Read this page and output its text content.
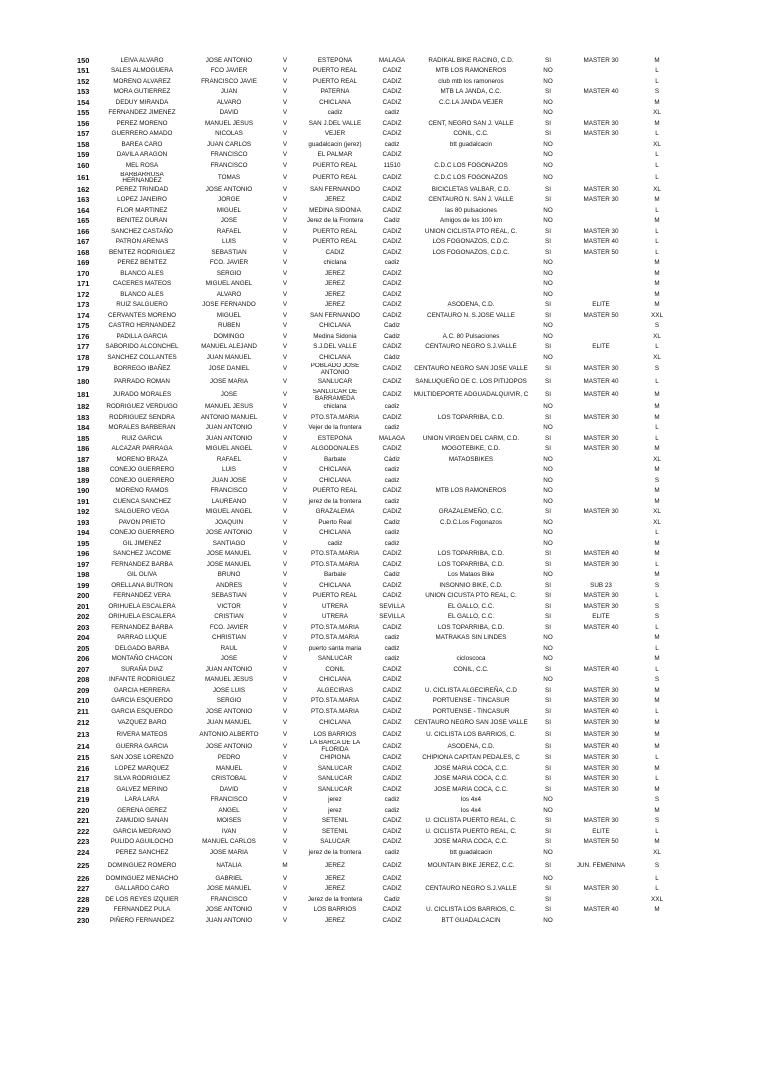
150	LEIVA ALVARO	JOSE ANTONIO	V	ESTEPONA	MALAGA	RADIKAL BIKE RACING, C.D.	SI	MASTER 30	M
151	SALES ALMOGUERA	FCO JAVIER	V	PUERTO REAL	CADIZ	MTB LOS RAMONEROS	NO		L
152	MORENO ALVAREZ	FRANCISCO JAVIE	V	PUERTO REAL	CADIZ	club mtb los ramoneros	NO		L
153	MORA GUTIERREZ	JUAN	V	PATERNA	CADIZ	MTB LA JANDA, C.C.	SI	MASTER 40	S
154	DEDUY MIRANDA	ALVARO	V	CHICLANA	CADIZ	C.C.LA JANDA VEJER	NO		M
155	FERNANDEZ JIMENEZ	DAVID	V	cadiz	cadiz		NO		XL
156	PEREZ MORENO	MANUEL JESUS	V	SAN J.DEL VALLE	CADIZ	CENT, NEGRO SAN J. VALLE	SI	MASTER 30	M
157	GUERRERO AMADO	NICOLAS	V	VEJER	CADIZ	CONIL, C.C.	SI	MASTER 30	L
158	BAREA CARO	JUAN CARLOS	V	guadalcacin (jerez)	cadiz	btt guadalcacin	NO		XL
159	DAVILA ARAGON	FRANCISCO	V	EL PALMAR	CADIZ		NO		L
160	MEL ROSA	FRANCISCO	V	PUERTO REAL	11510	C.D.C LOS FOGONAZOS	NO		L
161	BARBARRUSA HERNANDEZ	TOMAS	V	PUERTO REAL	CADIZ	C.D.C LOS FOGONAZOS	NO		L
162	PEREZ TRINIDAD	JOSE ANTONIO	V	SAN FERNANDO	CADIZ	BICICLETAS VALBAR, C.D.	SI	MASTER 30	XL
163	LOPEZ JANEIRO	JORGE	V	JEREZ	CADIZ	CENTAURO N. SAN J. VALLE	SI	MASTER 30	M
164	FLOR MARTINEZ	MIGUEL	V	MEDINA SIDONIA	CADIZ	las 80 pulsaciones	NO		L
165	BENITEZ DURAN	JOSE	V	Jerez de la Frontera	Cadiz	Amigos de los 100 km	NO		M
166	SANCHEZ CASTAÑO	RAFAEL	V	PUERTO REAL	CADIZ	UNION CICLISTA PTO REAL, C.	SI	MASTER 30	L
167	PATRON ARENAS	LUIS	V	PUERTO REAL	CADIZ	LOS FOGONAZOS, C.D.C.	SI	MASTER 40	L
168	BENITEZ RODRIGUEZ	SEBASTIAN	V	CADIZ	CADIZ	LOS FOGONAZOS, C.D.C.	SI	MASTER 50	L
169	PEREZ BENITEZ	FCO. JAVIER	V	chiclana	cadiz		NO		M
170	BLANCO ALES	SERGIO	V	JEREZ	CADIZ		NO		M
171	CACERES MATEOS	MIGUEL ANGEL	V	JEREZ	CADIZ		NO		M
172	BLANCO ALES	ALVARO	V	JEREZ	CADIZ		NO		M
173	RUIZ SALGUERO	JOSE FERNANDO	V	JEREZ	CADIZ	ASODENA, C.D.	SI	ELITE	M
174	CERVANTES MORENO	MIGUEL	V	SAN FERNANDO	CADIZ	CENTAURO N. S.JOSE VALLE	SI	MASTER 50	XXL
175	CASTRO HERNANDEZ	RUBEN	V	CHICLANA	Cadiz		NO		S
176	PADILLA GARCIA	DOMINGO	V	Medina Sidonia	Cadiz	A.C. 80 Pulsaciones	NO		XL
177	SABORIDO ALCONCHEL	MANUEL ALEJAND	V	S.J.DEL VALLE	CADIZ	CENTAURO NEGRO S.J.VALLE	SI	ELITE	L
178	SANCHEZ COLLANTES	JUAN MANUEL	V	CHICLANA	Cádiz		NO		XL
179	BORREGO IBAÑEZ	JOSE DANIEL	V	POBLADO JOSE ANTONIO	CADIZ	CENTAURO NEGRO SAN JOSE VALLE	SI	MASTER 30	S
180	PARRADO ROMAN	JOSE MARIA	V	SANLUCAR	CADIZ	SANLUQUEÑO DE C. LOS PITIJOPOS	SI	MASTER 40	L
181	JURADO MORALES	JOSE	V	SANLUCAR DE BARRAMEDA	CADIZ	MULTIDEPORTE ADGUADALQUIVIR, C	SI	MASTER 40	M
182	RODRIGUEZ VERDUGO	MANUEL JESUS	V	chiclana	cadiz		NO		M
183	RODRIGUEZ SENDRA	ANTONIO MANUEL	V	PTO.STA.MARIA	CADIZ	LOS TOPARRIBA, C.D.	SI	MASTER 30	M
184	MORALES BARBERAN	JUAN ANTONIO	V	Vejer de la frontera	cadiz		NO		L
185	RUIZ GARCIA	JUAN ANTONIO	V	ESTEPONA	MALAGA	UNION VIRGEN DEL CARM, C.D.	SI	MASTER 30	L
186	ALCAZAR PARRAGA	MIGUEL ANGEL	V	ALGODONALES	CADIZ	MOGOTEBIKE, C.D.	SI	MASTER 30	M
187	MORENO BRAZA	RAFAEL	V	Barbate	Cádiz	MATAOSBIKES	NO		XL
188	CONEJO GUERRERO	LUIS	V	CHICLANA	cadiz		NO		M
189	CONEJO GUERRERO	JUAN JOSE	V	CHICLANA	cadiz		NO		S
190	MORENO RAMOS	FRANCISCO	V	PUERTO REAL	CADIZ	MTB LOS RAMONEROS	NO		M
191	CUENCA SANCHEZ	LAUREANO	V	jerez de la frontera	cadiz		NO		M
192	SALGUERO VEGA	MIGUEL ANGEL	V	GRAZALEMA	CADIZ	GRAZALEMEÑO, C.C.	SI	MASTER 30	XL
193	PAVON PRIETO	JOAQUIN	V	Puerto Real	Cadiz	C.D.C.Los Fogonazos	NO		XL
194	CONEJO GUERRERO	JOSE ANTONIO	V	CHICLANA	cadiz		NO		L
195	GIL JIMENEZ	SANTIAGO	V	cadiz	cadiz		NO		M
196	SANCHEZ JACOME	JOSE MANUEL	V	PTO.STA.MARIA	CADIZ	LOS TOPARRIBA, C.D.	SI	MASTER 40	M
197	FERNANDEZ BARBA	JOSE MANUEL	V	PTO.STA.MARIA	CADIZ	LOS TOPARRIBA, C.D.	SI	MASTER 30	L
198	GIL OLIVA	BRUNO	V	Barbate	Cadiz	Los Mataos Bike	NO		M
199	ORELLANA BUTRON	ANDRES	V	CHICLANA	CADIZ	INSONNIO BIKE, C.D.	SI	SUB 23	S
200	FERNANDEZ VERA	SEBASTIAN	V	PUERTO REAL	CADIZ	UNION CICUSTA PTO REAL, C.	SI	MASTER 30	L
201	ORIHUELA ESCALERA	VICTOR	V	UTRERA	SEVILLA	EL GALLO, C.C.	SI	MASTER 30	S
202	ORIHUELA ESCALERA	CRISTIAN	V	UTRERA	SEVILLA	EL GALLO, C.C.	SI	ELITE	S
203	FERNANDEZ BARBA	FCO. JAVIER	V	PTO.STA.MARIA	CADIZ	LOS TOPARRIBA, C.D.	SI	MASTER 40	L
204	PARRAO LUQUE	CHRISTIAN	V	PTO.STA.MARIA	cadiz	MATRAKAS SIN LINDES	NO		M
205	DELGADO BARBA	RAUL	V	puerto santa maria	cadiz		NO		L
206	MONTAÑO CHACON	JOSE	V	SANLUCAR	cadiz	cicloscoca	NO		M
207	SURAÑA DIAZ	JUAN ANTONIO	V	CONIL	CADIZ	CONIL, C.C.	SI	MASTER 40	L
208	INFANTE RODRIGUEZ	MANUEL JESUS	V	CHICLANA	CADIZ		NO		S
209	GARCIA HERRERA	JOSE LUIS	V	ALGECIRAS	CADIZ	U. CICLISTA ALGECIREÑA, C.D	SI	MASTER 30	M
210	GARCIA ESQUERDO	SERGIO	V	PTO.STA.MARIA	CADIZ	PORTUENSE - TINCASUR	SI	MASTER 30	M
211	GARCIA ESQUERDO	JOSE ANTONIO	V	PTO.STA.MARIA	CADIZ	PORTUENSE - TINCASUR	SI	MASTER 40	L
212	VAZQUEZ BARO	JUAN MANUEL	V	CHICLANA	CADIZ	CENTAURO NEGRO SAN JOSE VALLE	SI	MASTER 30	M
213	RIVERA MATEOS	ANTONIO ALBERTO	V	LOS BARRIOS	CADIZ	U. CICLISTA LOS BARRIOS, C.	SI	MASTER 30	M
214	GUERRA GARCIA	JOSE ANTONIO	V	LA BARCA DE LA FLORIDA	CADIZ	ASODENA, C.D.	SI	MASTER 40	M
215	SAN JOSE LORENZO	PEDRO	V	CHIPIONA	CADIZ	CHIPIONA CAPITAN PEDALES, C	SI	MASTER 30	L
216	LOPEZ MARQUEZ	MANUEL	V	SANLUCAR	CADIZ	JOSE MARIA COCA, C.C.	SI	MASTER 30	M
217	SILVA RODRIGUEZ	CRISTOBAL	V	SANLUCAR	CADIZ	JOSE MARIA COCA, C.C.	SI	MASTER 30	L
218	GALVEZ MERINO	DAVID	V	SANLUCAR	CADIZ	JOSE MARIA COCA, C.C.	SI	MASTER 30	M
219	LARA LARA	FRANCISCO	V	jerez	cadiz	los 4x4	NO		S
220	GERENA GEREZ	ANGEL	V	jerez	cadiz	los 4x4	NO		M
221	ZAMUDIO SANAN	MOISES	V	SETENIL	CADIZ	U. CICLISTA PUERTO REAL, C.	SI	MASTER 30	S
222	GARCIA MEDRANO	IVAN	V	SETENIL	CADIZ	U. CICLISTA PUERTO REAL, C.	SI	ELITE	L
223	PULIDO AGUILOCHO	MANUEL CARLOS	V	SALUCAR	CADIZ	JOSE MARIA COCA, C.C.	SI	MASTER 50	M
224	PEREZ SANCHEZ	JOSE MARIA	V	jerez de la frontera	cadiz	btt guadalcacin	NO		XL
225	DOMINGUEZ ROMERO	NATALIA	M	JEREZ	CADIZ	MOUNTAIN BIKE JEREZ, C.C.	SI	JUN. FEMENINA	S
226	DOMINGUEZ MENACHO	GABRIEL	V	JEREZ	CADIZ		NO		L
227	GALLARDO CARO	JOSE MANUEL	V	JEREZ	CADIZ	CENTAURO NEGRO S.J.VALLE	SI	MASTER 30	L
228	DE LOS REYES IZQUIER	FRANCISCO	V	Jerez de la frontera	Cadiz		SI		XXL
229	FERNANDEZ PULA	JOSE ANTONIO	V	LOS BARRIOS	CADIZ	U. CICLISTA LOS BARRIOS, C.	SI	MASTER 40	M
230	PIÑERO FERNANDEZ	JUAN ANTONIO	V	JEREZ	CADIZ	BTT GUADALCACIN	NO		
